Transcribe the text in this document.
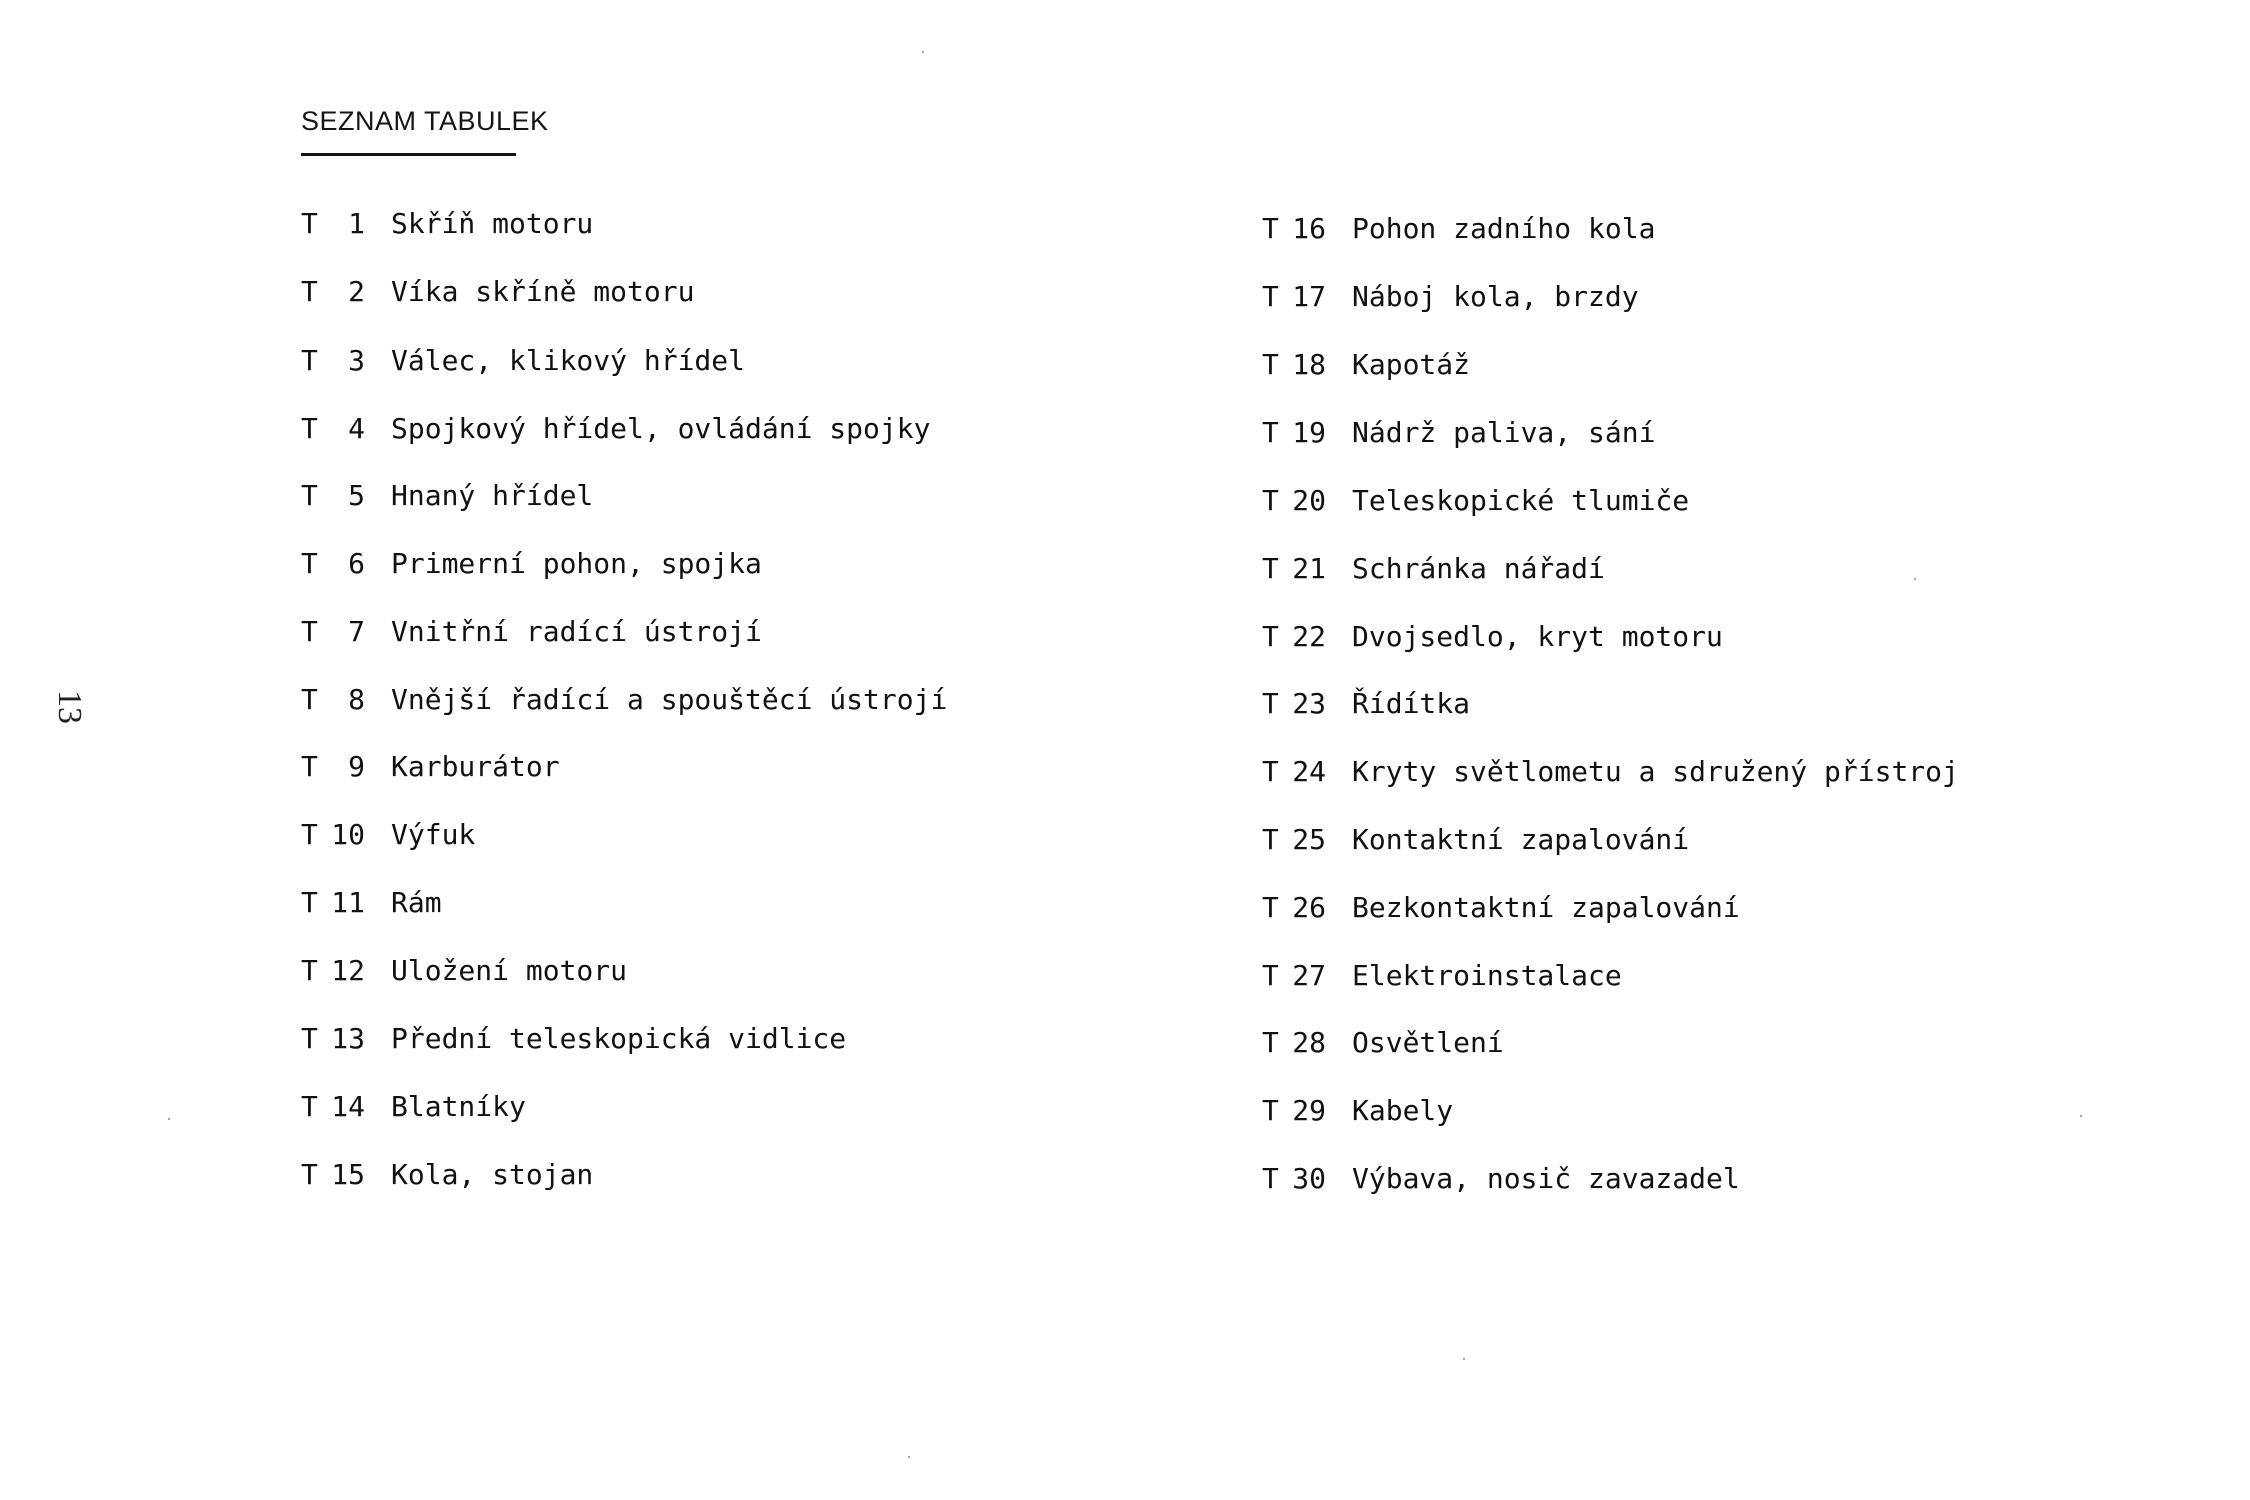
SEZNAM TABULEK
13
T	1 Skříň motoru
T	2 Víka skříně motoru
T	3 Válec, klikový hřídel
T	4 Spojkový hřídel, ovládání spojky
T	5 Hnaný hřídel
T	6 Primerní pohon, spojka
T	7 Vnitřní radící ústrojí
T	8 Vnější řadící a spouštěcí ústrojí
T	9 Karburátor
T 10 Výfuk
T 11 Rám
T 12 Uložení motoru
T 13 Přední teleskopická vidlice
T 14 Blatníky
T 15 Kola, stojan
T 16 Pohon zadního kola
T 17 Náboj kola, brzdy
T 18 Kapotáž
T 19 Nádrž paliva, sání
T 20 Teleskopické tlumiče
T 21 Schránka nářadí
T 22 Dvojsedlo, kryt motoru
T 23 Řídítka
T 24 Kryty světlometu a sdružený přístroj
T 25 Kontaktní zapalování
T 26 Bezkontaktní zapalování
T 27 Elektroinstalace
T 28 Osvětlení
T 29 Kabely
T 30 Výbava, nosič zavazadel
